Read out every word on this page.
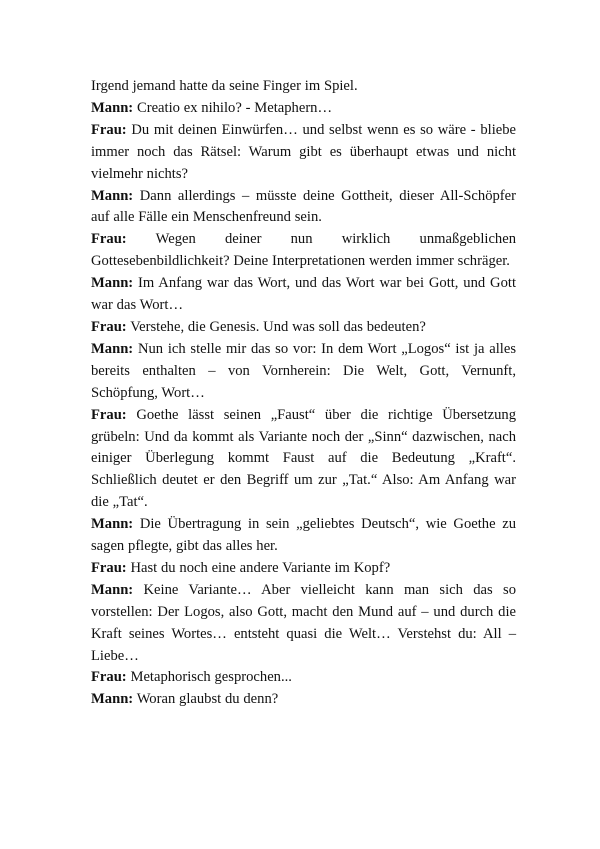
Irgend jemand hatte da seine Finger im Spiel.

Mann: Creatio ex nihilo? - Metaphern…

Frau: Du mit deinen Einwürfen… und selbst wenn es so wäre - bliebe immer noch das Rätsel: Warum gibt es überhaupt etwas und nicht vielmehr nichts?

Mann: Dann allerdings – müsste deine Gottheit, dieser All-Schöpfer auf alle Fälle ein Menschenfreund sein.

Frau: Wegen deiner nun wirklich unmaßgeblichen Gottesebenbildlichkeit? Deine Interpretationen werden immer schräger.

Mann: Im Anfang war das Wort, und das Wort war bei Gott, und Gott war das Wort…

Frau: Verstehe, die Genesis. Und was soll das bedeuten?

Mann: Nun ich stelle mir das so vor: In dem Wort „Logos“ ist ja alles bereits enthalten – von Vornherein: Die Welt, Gott, Vernunft, Schöpfung, Wort…

Frau: Goethe lässt seinen „Faust“ über die richtige Übersetzung grübeln: Und da kommt als Variante noch der „Sinn“ dazwischen, nach einiger Überlegung kommt Faust auf die Bedeutung „Kraft“. Schließlich deutet er den Begriff um zur „Tat.“ Also: Am Anfang war die „Tat“.

Mann: Die Übertragung in sein „geliebtes Deutsch“, wie Goethe zu sagen pflegte, gibt das alles her.

Frau: Hast du noch eine andere Variante im Kopf?

Mann: Keine Variante… Aber vielleicht kann man sich das so vorstellen: Der Logos, also Gott, macht den Mund auf – und durch die Kraft seines Wortes… entsteht quasi die Welt… Verstehst du: All – Liebe…

Frau: Metaphorisch gesprochen...

Mann: Woran glaubst du denn?
